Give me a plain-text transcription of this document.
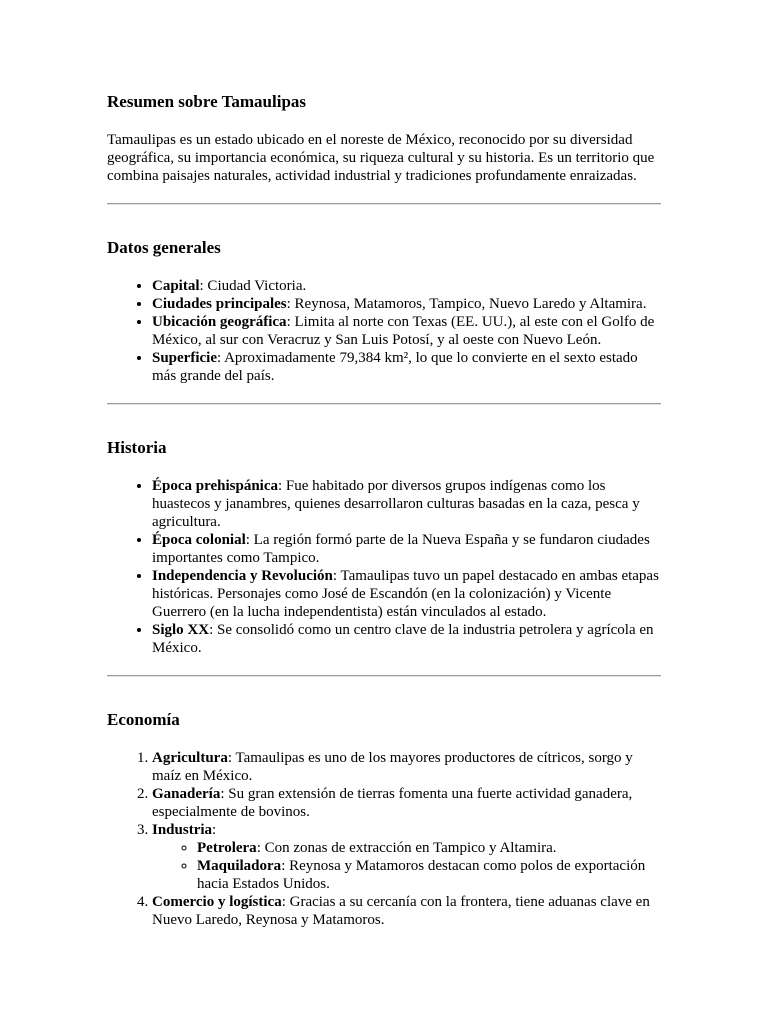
Resumen sobre Tamaulipas

Tamaulipas es un estado ubicado en el noreste de México, reconocido por su diversidad geográfica, su importancia económica, su riqueza cultural y su historia. Es un territorio que combina paisajes naturales, actividad industrial y tradiciones profundamente enraizadas.

Datos generales
• Capital: Ciudad Victoria.
• Ciudades principales: Reynosa, Matamoros, Tampico, Nuevo Laredo y Altamira.
• Ubicación geográfica: Limita al norte con Texas (EE. UU.), al este con el Golfo de México, al sur con Veracruz y San Luis Potosí, y al oeste con Nuevo León.
• Superficie: Aproximadamente 79,384 km², lo que lo convierte en el sexto estado más grande del país.
Historia
• Época prehispánica: Fue habitado por diversos grupos indígenas como los huastecos y janambres, quienes desarrollaron culturas basadas en la caza, pesca y agricultura.
• Época colonial: La región formó parte de la Nueva España y se fundaron ciudades importantes como Tampico.
• Independencia y Revolución: Tamaulipas tuvo un papel destacado en ambas etapas históricas. Personajes como José de Escandón (en la colonización) y Vicente Guerrero (en la lucha independentista) están vinculados al estado.
• Siglo XX: Se consolidó como un centro clave de la industria petrolera y agrícola en México.
Economía
1. Agricultura: Tamaulipas es uno de los mayores productores de cítricos, sorgo y maíz en México.
2. Ganadería: Su gran extensión de tierras fomenta una fuerte actividad ganadera, especialmente de bovinos.
3. Industria:
◦ Petrolera: Con zonas de extracción en Tampico y Altamira.
◦ Maquiladora: Reynosa y Matamoros destacan como polos de exportación hacia Estados Unidos.
4. Comercio y logística: Gracias a su cercanía con la frontera, tiene aduanas clave en Nuevo Laredo, Reynosa y Matamoros.
